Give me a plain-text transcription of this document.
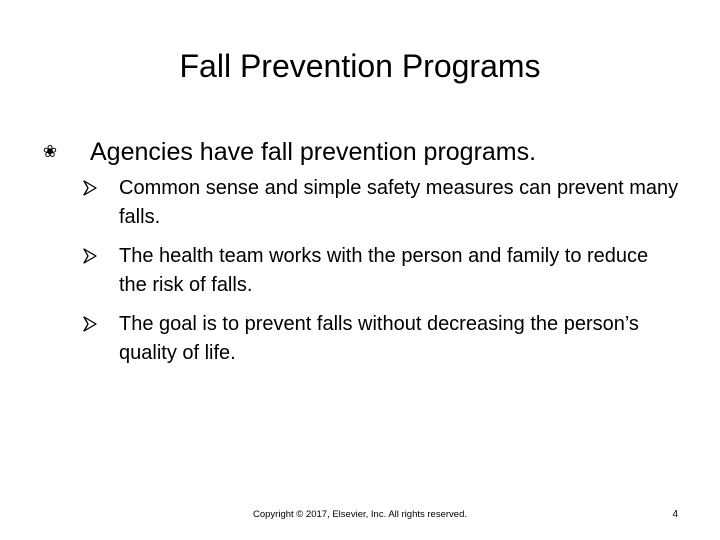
Fall Prevention Programs
❀ Agencies have fall prevention programs.
Common sense and simple safety measures can prevent many falls.
The health team works with the person and family to reduce the risk of falls.
The goal is to prevent falls without decreasing the person’s quality of life.
Copyright © 2017, Elsevier, Inc. All rights reserved.	4
